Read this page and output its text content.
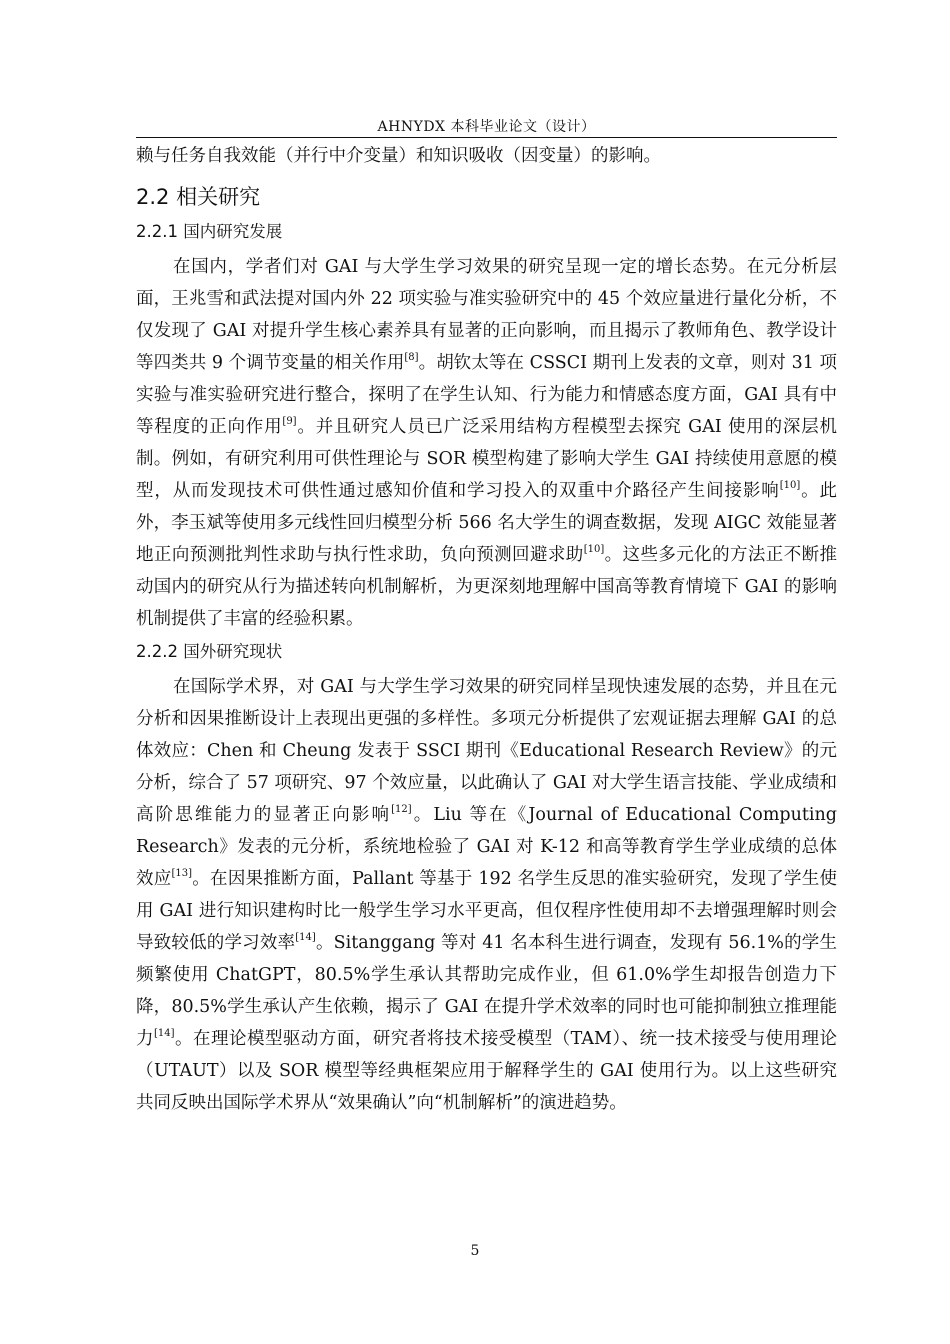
AHNYDX 本科毕业论文（设计）

赖与任务自我效能（并行中介变量）和知识吸收（因变量）的影响。

2.2 相关研究
2.2.1 国内研究发展

在国内，学者们对 GAI 与大学生学习效果的研究呈现一定的增长态势。在元分析层面，王兆雪和武法提对国内外 22 项实验与准实验研究中的 45 个效应量进行量化分析，不仅发现了 GAI 对提升学生核心素养具有显著的正向影响，而且揭示了教师角色、教学设计等四类共 9 个调节变量的相关作用[8]。胡钦太等在 CSSCI 期刊上发表的文章，则对 31 项实验与准实验研究进行整合，探明了在学生认知、行为能力和情感态度方面，GAI 具有中等程度的正向作用[9]。并且研究人员已广泛采用结构方程模型去探究 GAI 使用的深层机制。例如，有研究利用可供性理论与 SOR 模型构建了影响大学生 GAI 持续使用意愿的模型，从而发现技术可供性通过感知价值和学习投入的双重中介路径产生间接影响[10]。此外，李玉斌等使用多元线性回归模型分析 566 名大学生的调查数据，发现 AIGC 效能显著地正向预测批判性求助与执行性求助，负向预测回避求助[10]。这些多元化的方法正不断推动国内的研究从行为描述转向机制解析，为更深刻地理解中国高等教育情境下 GAI 的影响机制提供了丰富的经验积累。

2.2.2 国外研究现状

在国际学术界，对 GAI 与大学生学习效果的研究同样呈现快速发展的态势，并且在元分析和因果推断设计上表现出更强的多样性。多项元分析提供了宏观证据去理解 GAI 的总体效应：Chen 和 Cheung 发表于 SSCI 期刊《Educational Research Review》的元分析，综合了 57 项研究、97 个效应量，以此确认了 GAI 对大学生语言技能、学业成绩和高阶思维能力的显著正向影响[12]。Liu 等在《Journal of Educational Computing Research》发表的元分析，系统地检验了 GAI 对 K-12 和高等教育学生学业成绩的总体效应[13]。在因果推断方面，Pallant 等基于 192 名学生反思的准实验研究，发现了学生使用 GAI 进行知识建构时比一般学生学习水平更高，但仅程序性使用却不去增强理解时则会导致较低的学习效率[14]。Sitanggang 等对 41 名本科生进行调查，发现有 56.1%的学生频繁使用 ChatGPT，80.5%学生承认其帮助完成作业，但 61.0%学生却报告创造力下降，80.5%学生承认产生依赖，揭示了 GAI 在提升学术效率的同时也可能抑制独立推理能力[14]。在理论模型驱动方面，研究者将技术接受模型（TAM）、统一技术接受与使用理论（UTAUT）以及 SOR 模型等经典框架应用于解释学生的 GAI 使用行为。以上这些研究共同反映出国际学术界从“效果确认”向“机制解析”的演进趋势。

5
